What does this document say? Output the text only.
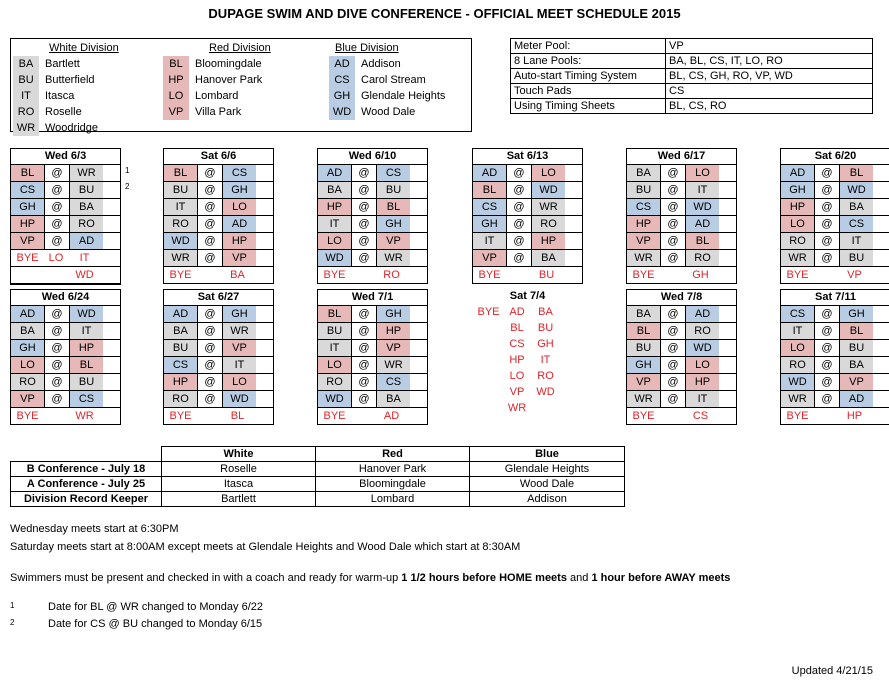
DUPAGE SWIM AND DIVE CONFERENCE - OFFICIAL MEET SCHEDULE 2015
White Division
BA	Bartlett
BU	Butterfield
IT	Itasca
RO Roselle
WR Woodridge
Red Division
BL	Bloomingdale
HP	Hanover Park
LO	Lombard
VP	Villa Park
Blue Division
AD	Addison
CS	Carol Stream
GH Glendale Heights
WD Wood Dale
Meter Pool:	VP
8 Lane Pools:	BA, BL, CS, IT, LO, RO
Auto-start Timing System	BL, CS, GH, RO, VP, WD
Touch Pads	CS
Using Timing Sheets	BL, CS, RO
Wed 6/3
BL	@	WR
CS	@	BU
GH	@	BA
HP	@	RO
VP	@	AD
BYE LO	IT
WD
1
2
Sat 6/6
BL	@	CS
BU	@	GH
IT	@	LO
RO	@	AD
WD	@	HP
WR	@	VP
BYE	BA
Wed 6/10
AD	@	CS
BA	@	BU
HP	@	BL
IT	@	GH
LO	@	VP
WD	@	WR
BYE	RO
Sat 6/13
AD	@	LO
BL	@	WD
CS	@	WR
GH	@	RO
IT	@	HP
VP	@	BA
BYE	BU
Wed 6/17
BA	@	LO
BU	@	IT
CS	@	WD
HP	@	AD
VP	@	BL
WR	@	RO
BYE	GH
Sat 6/20
AD	@	BL
GH	@	WD
HP	@	BA
LO	@	CS
RO	@	IT
WR	@	BU
BYE	VP
Wed 6/24
AD	@	WD
BA	@	IT
GH	@	HP
LO	@	BL
RO	@	BU
VP	@	CS
BYE	WR
Sat 6/27
AD	@	GH
BA	@	WR
BU	@	VP
CS	@	IT
HP	@	LO
RO	@	WD
BYE	BL
Wed 7/1
BL	@	GH
BU	@	HP
IT	@	VP
LO	@	WR
RO	@	CS
WD	@	BA
BYE	AD
Sat 7/4
BYE AD	BA
BL	BU
CS	GH
HP	IT
LO	RO
VP	WD
WR
Wed 7/8
BA	@	AD
BL	@	RO
BU	@	WD
GH	@	LO
VP	@	HP
WR	@	IT
BYE	CS
Sat 7/11
CS	@	GH
IT	@	BL
LO	@	BU
RO	@	BA
WD	@	VP
WR	@	AD
BYE	HP
	White	Red	Blue
B Conference - July 18	Roselle	Hanover Park	Glendale Heights
A Conference - July 25	Itasca	Bloomingdale	Wood Dale
Division Record Keeper	Bartlett	Lombard	Addison
Wednesday meets start at 6:30PM
Saturday meets start at 8:00AM except meets at Glendale Heights and Wood Dale which start at 8:30AM
Swimmers must be present and checked in with a coach and ready for warm-up 1 1/2 hours before HOME meets and 1 hour before AWAY meets
1	Date for BL @ WR changed to Monday 6/22
2	Date for CS @ BU changed to Monday 6/15
Updated 4/21/15
